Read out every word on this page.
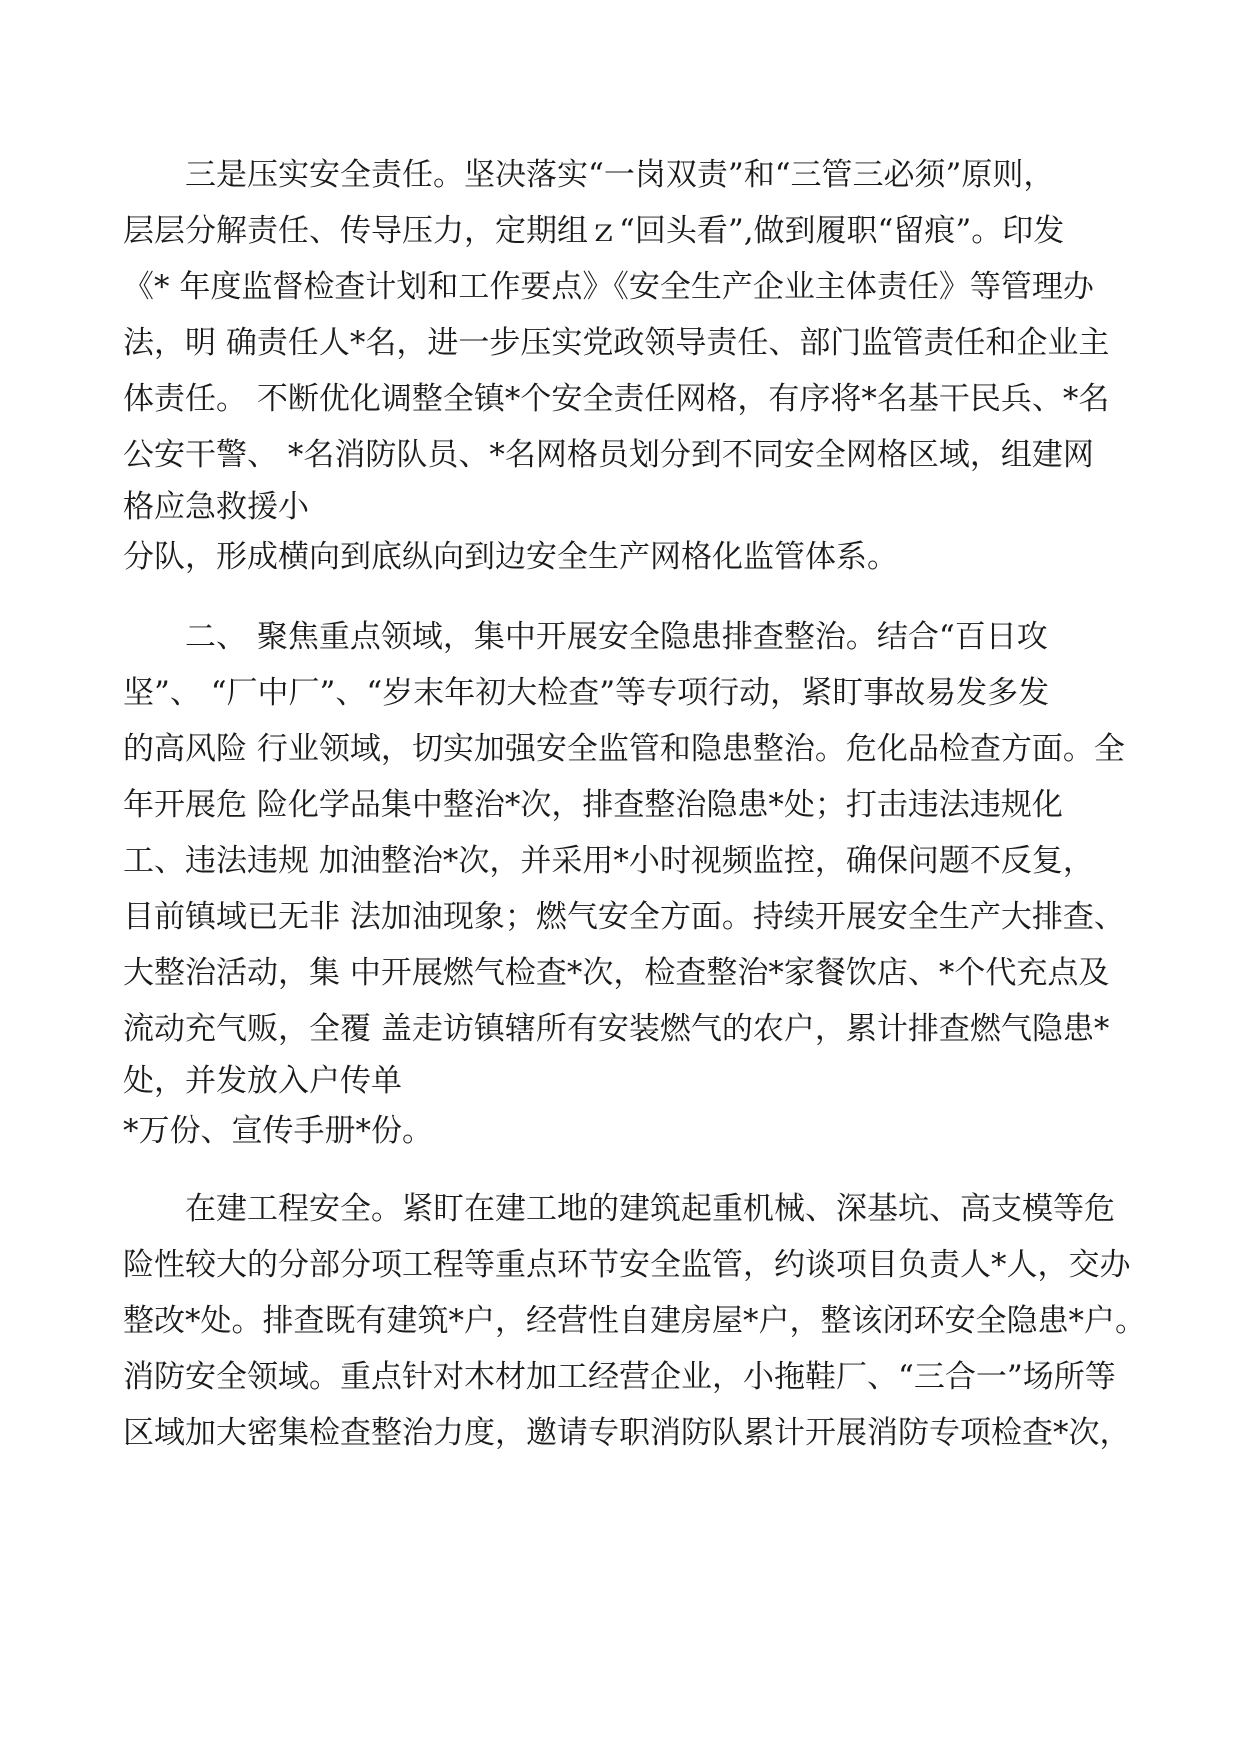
三是压实安全责任。坚决落实“一岗双责”和“三管三必须”原则，
层层分解责任、传导压力，定期组ｚ“回头看”,做到履职“留痕”。印发
《* 年度监督检查计划和工作要点》《安全生产企业主体责任》等管理办
法，明 确责任人*名，进一步压实党政领导责任、部门监管责任和企业主
体责任。 不断优化调整全镇*个安全责任网格，有序将*名基干民兵、*名
公安干警、 *名消防队员、*名网格员划分到不同安全网格区域，组建网
格应急救援小
分队，形成横向到底纵向到边安全生产网格化监管体系。
二、 聚焦重点领域，集中开展安全隐患排查整治。结合“百日攻
坚”、 “厂中厂”、“岁末年初大检查”等专项行动，紧盯事故易发多发
的高风险 行业领域，切实加强安全监管和隐患整治。危化品检查方面。全
年开展危 险化学品集中整治*次，排查整治隐患*处；打击违法违规化
工、违法违规 加油整治*次，并采用*小时视频监控，确保问题不反复，
目前镇域已无非 法加油现象；燃气安全方面。持续开展安全生产大排查、
大整治活动，集 中开展燃气检查*次，检查整治*家餐饮店、*个代充点及
流动充气贩，全覆 盖走访镇辖所有安装燃气的农户，累计排查燃气隐患*
处，并发放入户传单
*万份、宣传手册*份。
在建工程安全。紧盯在建工地的建筑起重机械、深基坑、高支模等危
险性较大的分部分项工程等重点环节安全监管，约谈项目负责人*人，交办
整改*处。排查既有建筑*户，经营性自建房屋*户，整该闭环安全隐患*户。
消防安全领域。重点针对木材加工经营企业，小拖鞋厂、“三合一”场所等
区域加大密集检查整治力度，邀请专职消防队累计开展消防专项检查*次，
